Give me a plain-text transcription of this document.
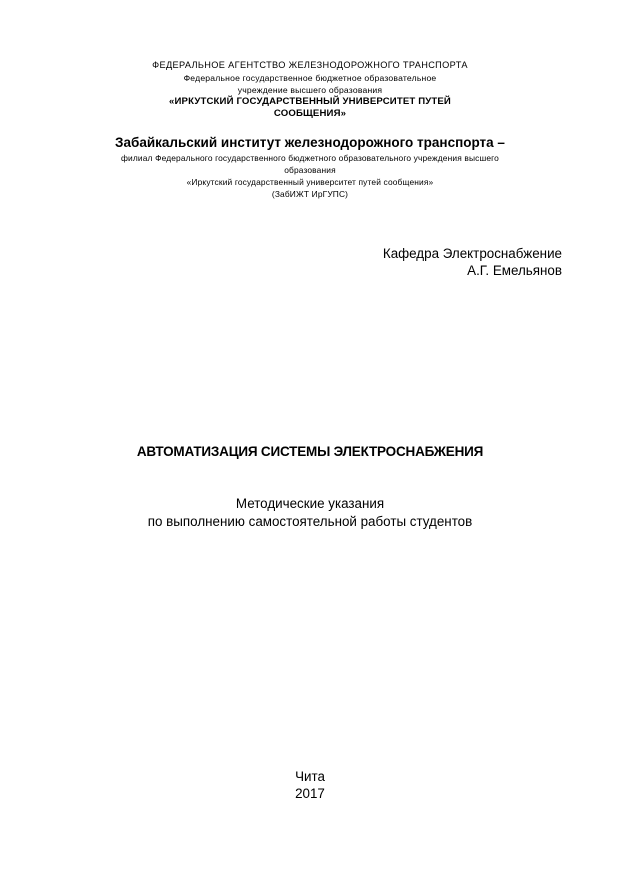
ФЕДЕРАЛЬНОЕ АГЕНТСТВО ЖЕЛЕЗНОДОРОЖНОГО ТРАНСПОРТА
Федеральное государственное бюджетное образовательное
учреждение высшего образования
«ИРКУТСКИЙ ГОСУДАРСТВЕННЫЙ УНИВЕРСИТЕТ ПУТЕЙ
СООБЩЕНИЯ»
Забайкальский институт железнодорожного транспорта –
филиал Федерального государственного бюджетного образовательного учреждения высшего
образования
«Иркутский государственный университет путей сообщения»
(ЗабИЖТ ИрГУПС)
Кафедра Электроснабжение
А.Г. Емельянов
АВТОМАТИЗАЦИЯ СИСТЕМЫ ЭЛЕКТРОСНАБЖЕНИЯ
Методические указания
по выполнению самостоятельной работы студентов
Чита
2017
